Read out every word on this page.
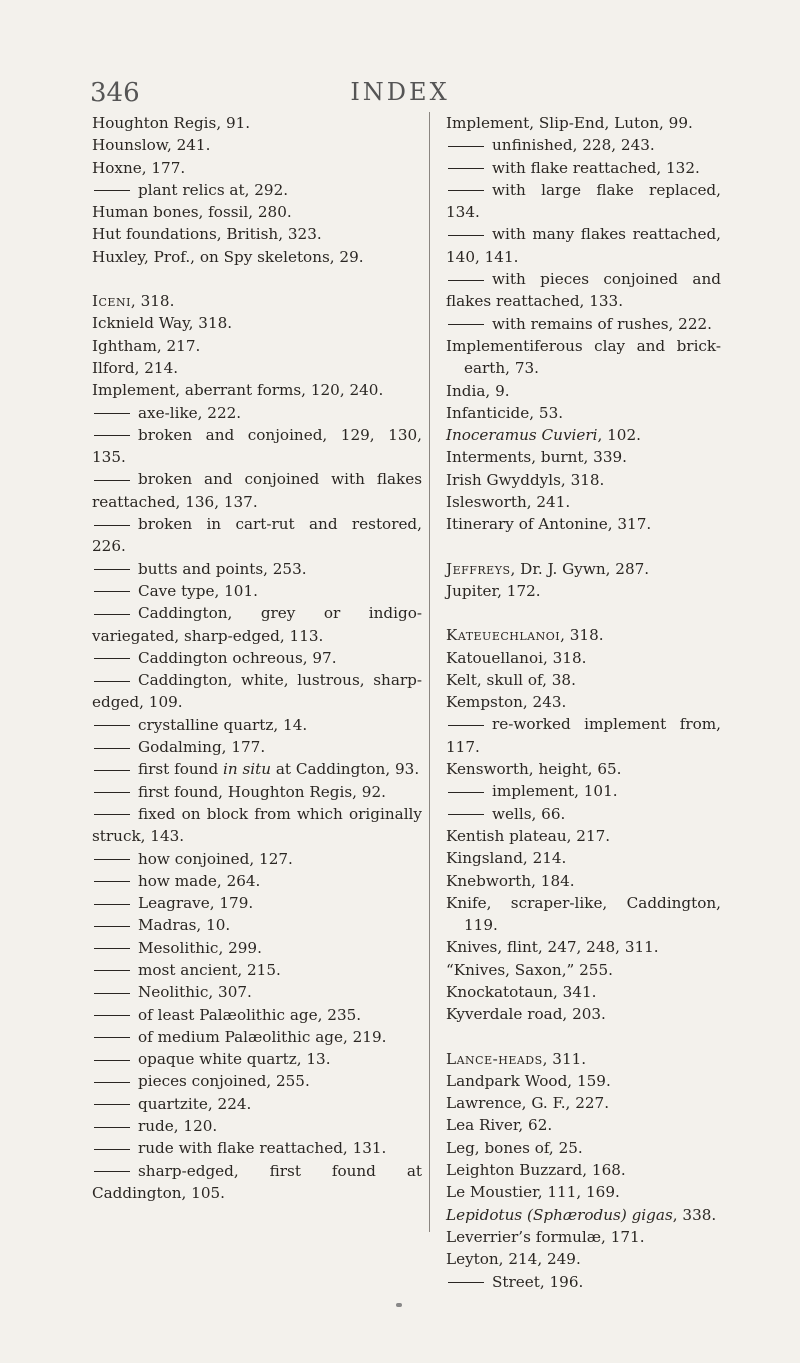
346	INDEX
Houghton Regis, 91.
Hounslow, 241.
Hoxne, 177.
plant relics at, 292.
Human bones, fossil, 280.
Hut foundations, British, 323.
Huxley, Prof., on Spy skeletons, 29.
Iceni, 318.
Icknield Way, 318.
Ightham, 217.
Ilford, 214.
Implement, aberrant forms, 120, 240.
axe-like, 222.
broken and conjoined, 129, 130, 135.
broken and conjoined with flakes reattached, 136, 137.
broken in cart-rut and restored, 226.
butts and points, 253.
Cave type, 101.
Caddington, grey or indigo-variegated, sharp-edged, 113.
Caddington ochreous, 97.
Caddington, white, lustrous, sharp-edged, 109.
crystalline quartz, 14.
Godalming, 177.
first found in situ at Caddington, 93.
first found, Houghton Regis, 92.
fixed on block from which originally struck, 143.
how conjoined, 127.
how made, 264.
Leagrave, 179.
Madras, 10.
Mesolithic, 299.
most ancient, 215.
Neolithic, 307.
of least Palæolithic age, 235.
of medium Palæolithic age, 219.
opaque white quartz, 13.
pieces conjoined, 255.
quartzite, 224.
rude, 120.
rude with flake reattached, 131.
sharp-edged, first found at Caddington, 105.
Implement, Slip-End, Luton, 99.
unfinished, 228, 243.
with flake reattached, 132.
with large flake replaced, 134.
with many flakes reattached, 140, 141.
with pieces conjoined and flakes reattached, 133.
with remains of rushes, 222.
Implementiferous clay and brick-earth, 73.
India, 9.
Infanticide, 53.
Inoceramus Cuvieri, 102.
Interments, burnt, 339.
Irish Gwyddyls, 318.
Islesworth, 241.
Itinerary of Antonine, 317.
Jeffreys, Dr. J. Gywn, 287.
Jupiter, 172.
Kateuechlanoi, 318.
Katouellanoi, 318.
Kelt, skull of, 38.
Kempston, 243.
re-worked implement from, 117.
Kensworth, height, 65.
implement, 101.
wells, 66.
Kentish plateau, 217.
Kingsland, 214.
Knebworth, 184.
Knife, scraper-like, Caddington, 119.
Knives, flint, 247, 248, 311.
“Knives, Saxon,” 255.
Knockatotaun, 341.
Kyverdale road, 203.
Lance-heads, 311.
Landpark Wood, 159.
Lawrence, G. F., 227.
Lea River, 62.
Leg, bones of, 25.
Leighton Buzzard, 168.
Le Moustier, 111, 169.
Lepidotus (Sphærodus) gigas, 338.
Leverrier’s formulæ, 171.
Leyton, 214, 249.
Street, 196.
